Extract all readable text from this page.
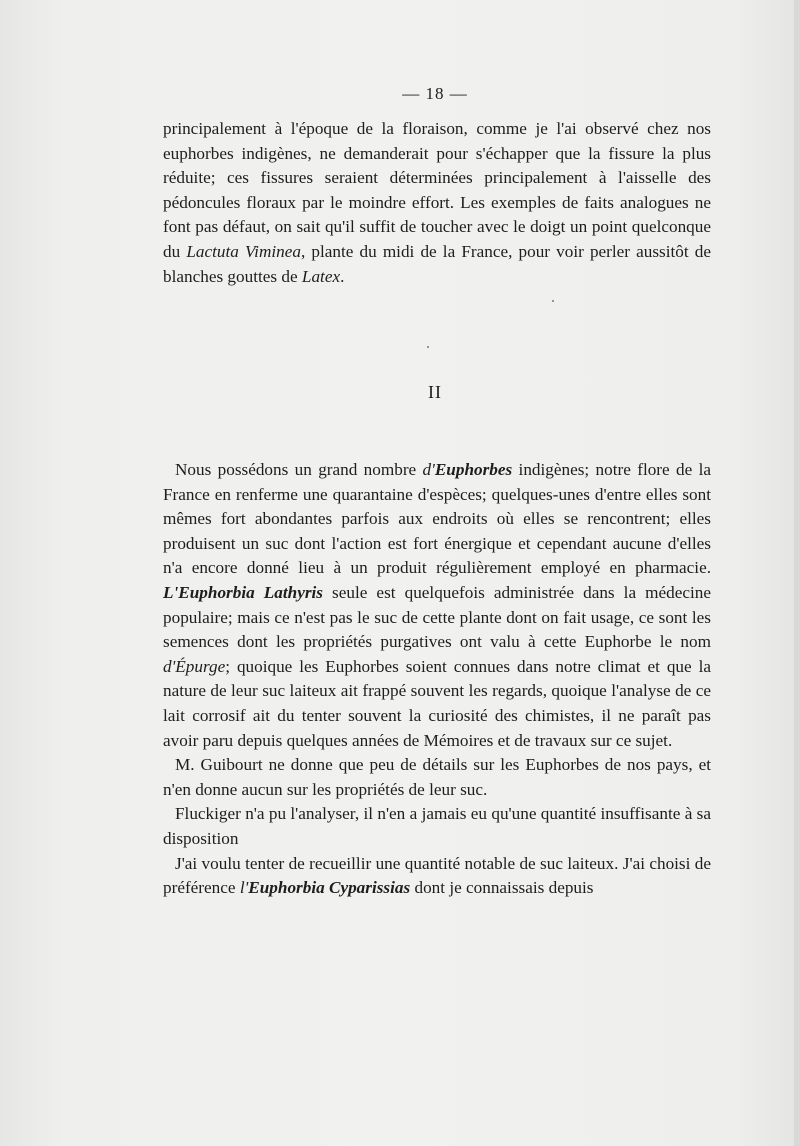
— 18 —

principalement à l'époque de la floraison, comme je l'ai observé chez nos euphorbes indigènes, ne demanderait pour s'échapper que la fissure la plus réduite; ces fissures seraient déterminées principalement à l'aisselle des pédoncules floraux par le moindre effort. Les exemples de faits analogues ne font pas défaut, on sait qu'il suffit de toucher avec le doigt un point quelconque du Lactuta Viminea, plante du midi de la France, pour voir perler aussitôt de blanches gouttes de Latex.

II

Nous possédons un grand nombre d'Euphorbes indigènes; notre flore de la France en renferme une quarantaine d'espèces; quelques-unes d'entre elles sont mêmes fort abondantes parfois aux endroits où elles se rencontrent; elles produisent un suc dont l'action est fort énergique et cependant aucune d'elles n'a encore donné lieu à un produit régulièrement employé en pharmacie. L'Euphorbia Lathyris seule est quelquefois administrée dans la médecine populaire; mais ce n'est pas le suc de cette plante dont on fait usage, ce sont les semences dont les propriétés purgatives ont valu à cette Euphorbe le nom d'Épurge; quoique les Euphorbes soient connues dans notre climat et que la nature de leur suc laiteux ait frappé souvent les regards, quoique l'analyse de ce lait corrosif ait du tenter souvent la curiosité des chimistes, il ne paraît pas avoir paru depuis quelques années de Mémoires et de travaux sur ce sujet.

M. Guibourt ne donne que peu de détails sur les Euphorbes de nos pays, et n'en donne aucun sur les propriétés de leur suc.

Fluckiger n'a pu l'analyser, il n'en a jamais eu qu'une quantité insuffisante à sa disposition

J'ai voulu tenter de recueillir une quantité notable de suc laiteux. J'ai choisi de préférence l'Euphorbia Cyparissias dont je connaissais depuis
